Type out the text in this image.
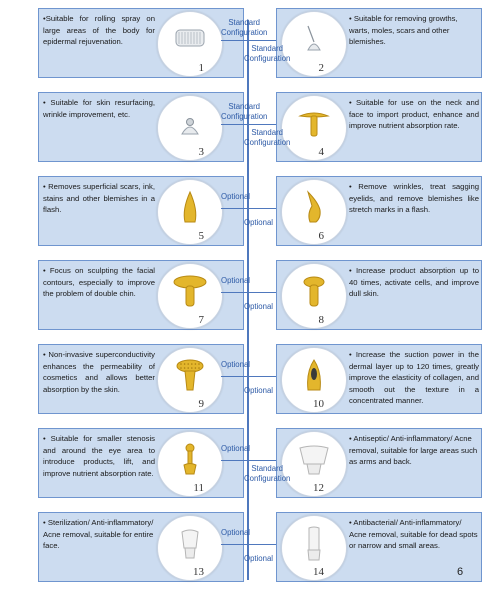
•Suitable for rolling spray on large areas of the body for epidermal rejuvenation.
1
• Suitable for removing growths, warts, moles, scars and other blemishes.
2
Standard
Configuration
Standard
Configuration
• Suitable for skin resurfacing, wrinkle improvement, etc.
3
• Suitable for use on the neck and face to import product, enhance and improve nutrient absorption rate.
4
Standard
Configuration
Standard
Configuration
• Removes superficial scars, ink, stains and other blemishes in a flash.
5
• Remove wrinkles, treat sagging eyelids, and remove blemishes like stretch marks in a flash.
6
Optional
Optional
• Focus on sculpting the facial contours, especially to improve the problem of double chin.
7
• Increase product absorption up to 40 times, activate cells, and improve dull skin.
8
Optional
Optional
• Non-invasive superconductivity enhances the permeability of cosmetics and allows better absorption by the skin.
9
• Increase the suction power in the dermal layer up to 120 times, greatly improve the elasticity of collagen, and smooth out the texture in a concentrated manner.
10
Optional
Optional
• Suitable for smaller stenosis and around the eye area to introduce products, lift, and improve nutrient absorption rate.
11
• Antiseptic/ Anti-inflammatory/ Acne removal, suitable for large areas such as arms and back.
12
Optional
Standard
Configuration
• Sterilization/ Anti-inflammatory/ Acne removal, suitable for entire face.
13
• Antibacterial/ Anti-inflammatory/ Acne removal, suitable for dead spots or narrow and small areas.
14
Optional
Optional
6
